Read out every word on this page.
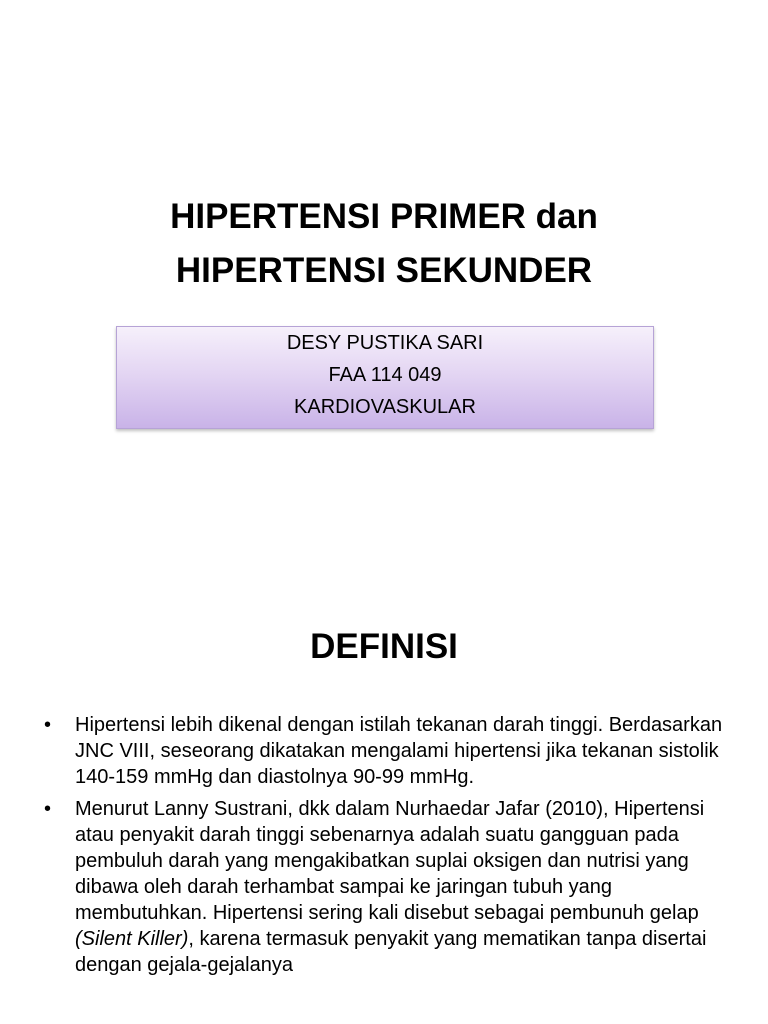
HIPERTENSI PRIMER dan
HIPERTENSI SEKUNDER
DESY PUSTIKA SARI
FAA 114 049
KARDIOVASKULAR
DEFINISI
•	Hipertensi lebih dikenal dengan istilah tekanan darah tinggi. Berdasarkan JNC VIII, seseorang dikatakan mengalami hipertensi jika tekanan sistolik 140-159 mmHg dan diastolnya 90-99 mmHg.
•	Menurut Lanny Sustrani, dkk dalam Nurhaedar Jafar (2010), Hipertensi atau penyakit darah tinggi sebenarnya adalah suatu gangguan pada pembuluh darah yang mengakibatkan suplai oksigen dan nutrisi yang dibawa oleh darah terhambat sampai ke jaringan tubuh yang membutuhkan. Hipertensi sering kali disebut sebagai pembunuh gelap (Silent Killer), karena termasuk penyakit yang mematikan tanpa disertai dengan gejala-gejalanya
